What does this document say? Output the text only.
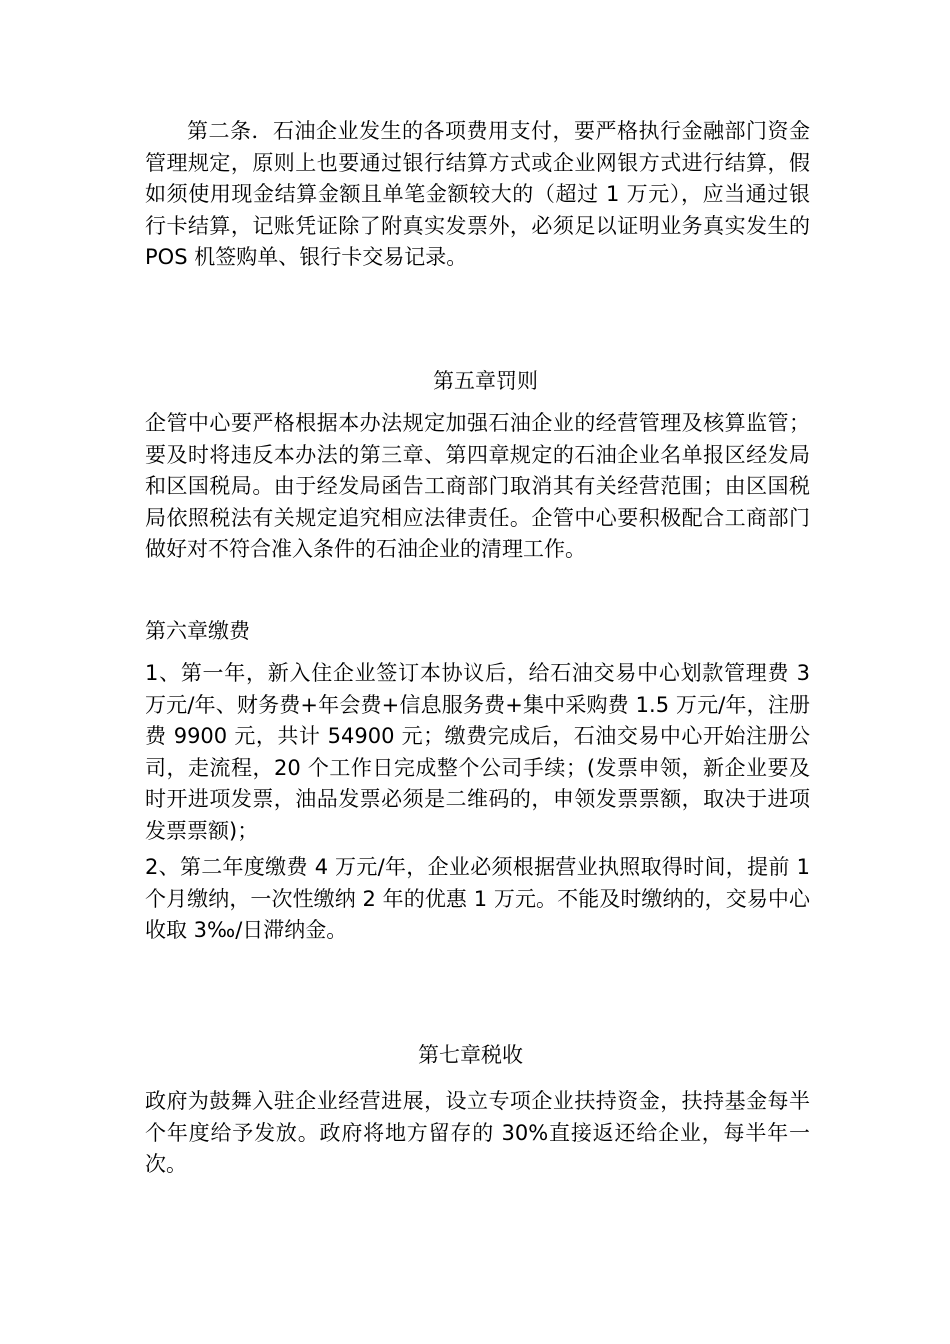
第二条．石油企业发生的各项费用支付，要严格执行金融部门资金管理规定，原则上也要通过银行结算方式或企业网银方式进行结算，假如须使用现金结算金额且单笔金额较大的（超过 1 万元），应当通过银行卡结算，记账凭证除了附真实发票外，必须足以证明业务真实发生的 POS 机签购单、银行卡交易记录。

第五章罚则

企管中心要严格根据本办法规定加强石油企业的经营管理及核算监管；要及时将违反本办法的第三章、第四章规定的石油企业名单报区经发局和区国税局。由于经发局函告工商部门取消其有关经营范围；由区国税局依照税法有关规定追究相应法律责任。企管中心要积极配合工商部门做好对不符合准入条件的石油企业的清理工作。

第六章缴费

1、第一年，新入住企业签订本协议后，给石油交易中心划款管理费 3 万元/年、财务费+年会费+信息服务费+集中采购费 1.5 万元/年，注册费 9900 元，共计 54900 元；缴费完成后，石油交易中心开始注册公司，走流程，20 个工作日完成整个公司手续；(发票申领，新企业要及时开进项发票，油品发票必须是二维码的，申领发票票额，取决于进项发票票额)；

2、第二年度缴费 4 万元/年，企业必须根据营业执照取得时间，提前 1 个月缴纳，一次性缴纳 2 年的优惠 1 万元。不能及时缴纳的，交易中心收取 3‰/日滞纳金。

第七章税收

政府为鼓舞入驻企业经营进展，设立专项企业扶持资金，扶持基金每半个年度给予发放。政府将地方留存的 30%直接返还给企业，每半年一次。
